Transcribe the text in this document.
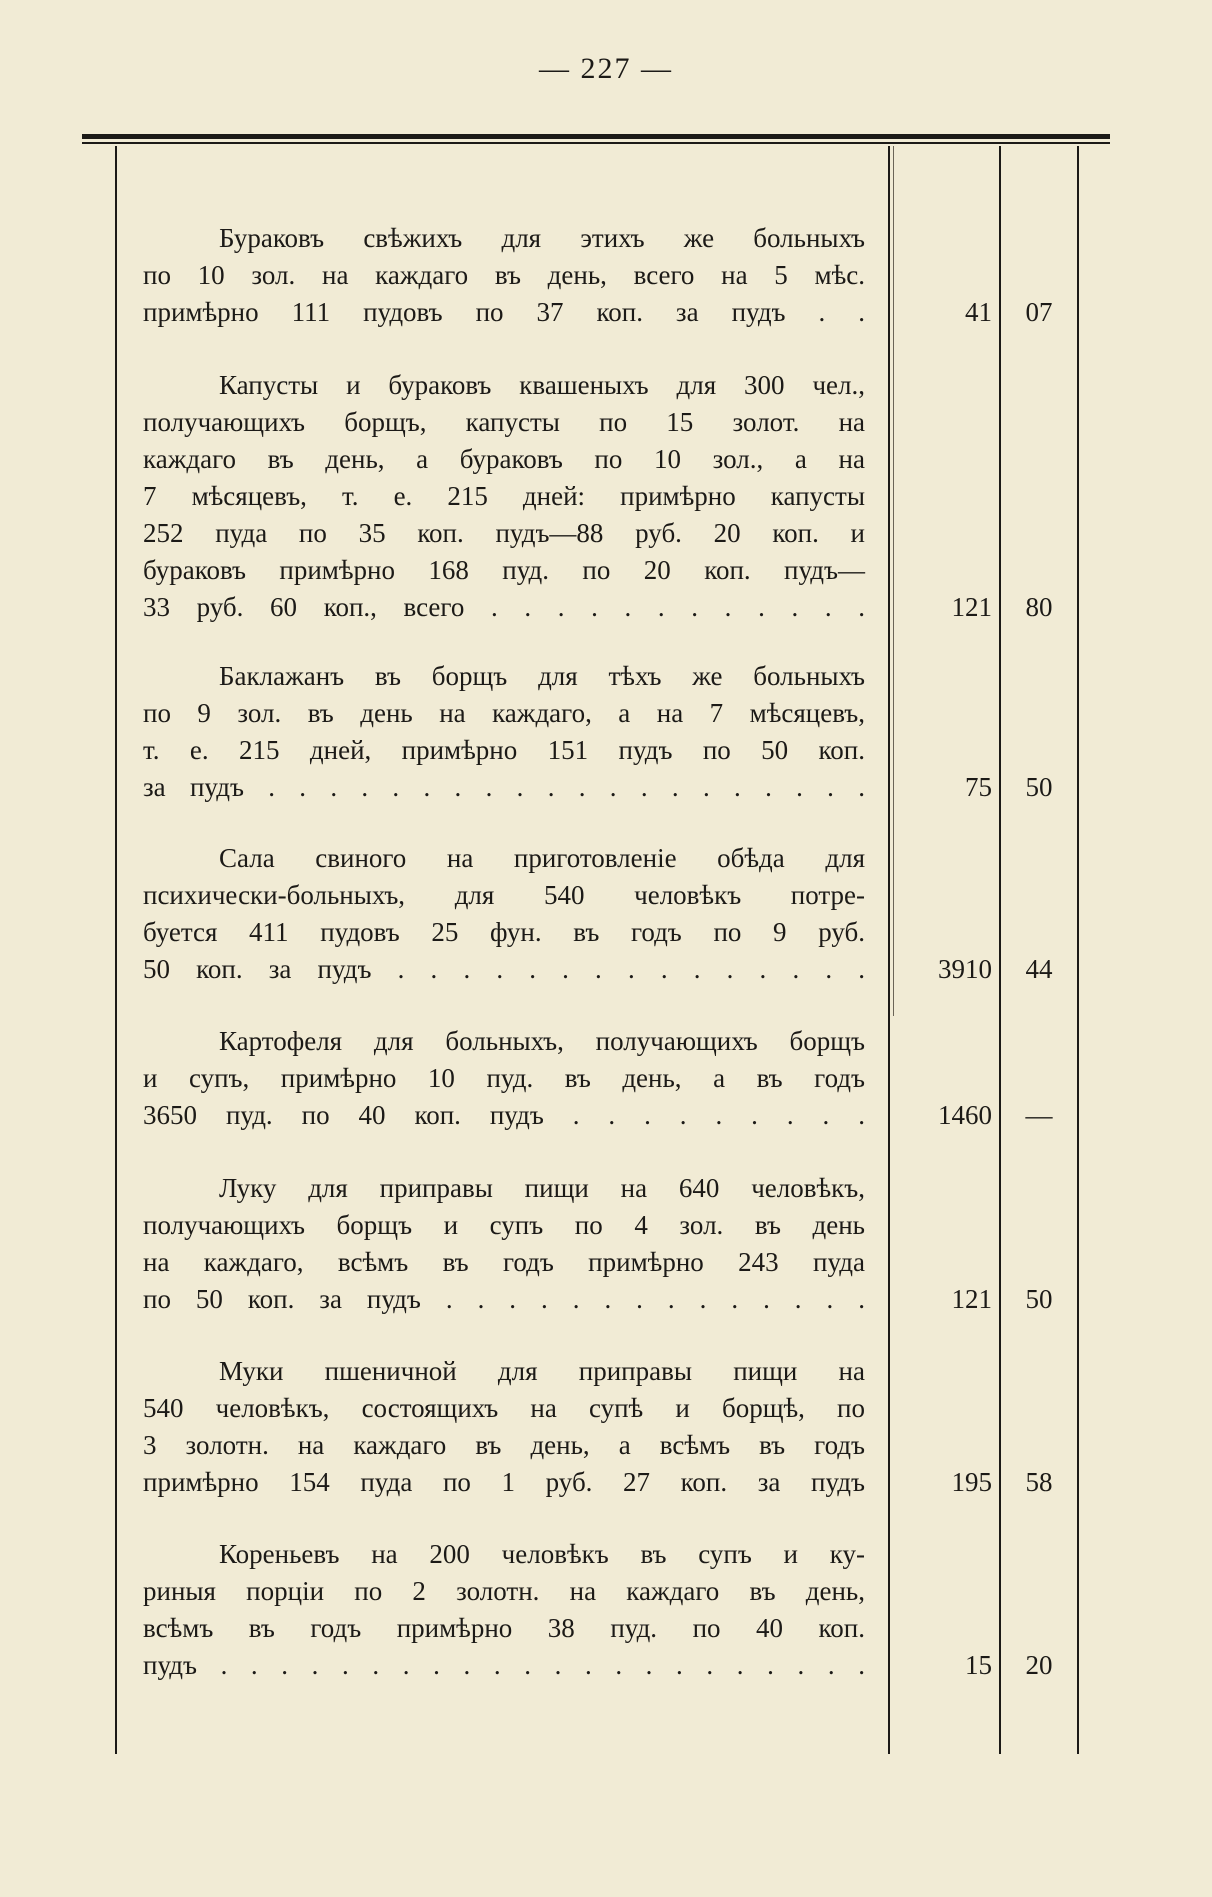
— 227 —
Бураковъ свѣжихъ для этихъ же больныхъ
по 10 зол. на каждаго въ день, всего на 5 мѣс.
примѣрно 111 пудовъ по 37 коп. за пудъ . .	41	07
Капусты и бураковъ квашеныхъ для 300 чел.,
получающихъ борщъ, капусты по 15 золот. на
каждаго въ день, а бураковъ по 10 зол., а на
7 мѣсяцевъ, т. е. 215 дней: примѣрно капусты
252 пуда по 35 коп. пудъ—88 руб. 20 коп. и
бураковъ примѣрно 168 пуд. по 20 коп. пудъ—
33 руб. 60 коп., всего . . . . . . . . . . . .	121	80
Баклажанъ въ борщъ для тѣхъ же больныхъ
по 9 зол. въ день на каждаго, а на 7 мѣсяцевъ,
т. е. 215 дней, примѣрно 151 пудъ по 50 коп.
за пудъ . . . . . . . . . . . . . . . . . . . .	75	50
Сала свиного на приготовленіе обѣда для
психически-больныхъ, для 540 человѣкъ потре-
буется 411 пудовъ 25 фун. въ годъ по 9 руб.
50 коп. за пудъ . . . . . . . . . . . . . . .	3910	44
Картофеля для больныхъ, получающихъ борщъ
и супъ, примѣрно 10 пуд. въ день, а въ годъ
3650 пуд. по 40 коп. пудъ . . . . . . . . .	1460	—
Луку для приправы пищи на 640 человѣкъ,
получающихъ борщъ и супъ по 4 зол. въ день
на каждаго, всѣмъ въ годъ примѣрно 243 пуда
по 50 коп. за пудъ . . . . . . . . . . . . . .	121	50
Муки пшеничной для приправы пищи на
540 человѣкъ, состоящихъ на супѣ и борщѣ, по
3 золотн. на каждаго въ день, а всѣмъ въ годъ
примѣрно 154 пуда по 1 руб. 27 коп. за пудъ	195	58
Кореньевъ на 200 человѣкъ въ супъ и ку-
риныя порціи по 2 золотн. на каждаго въ день,
всѣмъ въ годъ примѣрно 38 пуд. по 40 коп.
пудъ . . . . . . . . . . . . . . . . . . . . . .	15	20
